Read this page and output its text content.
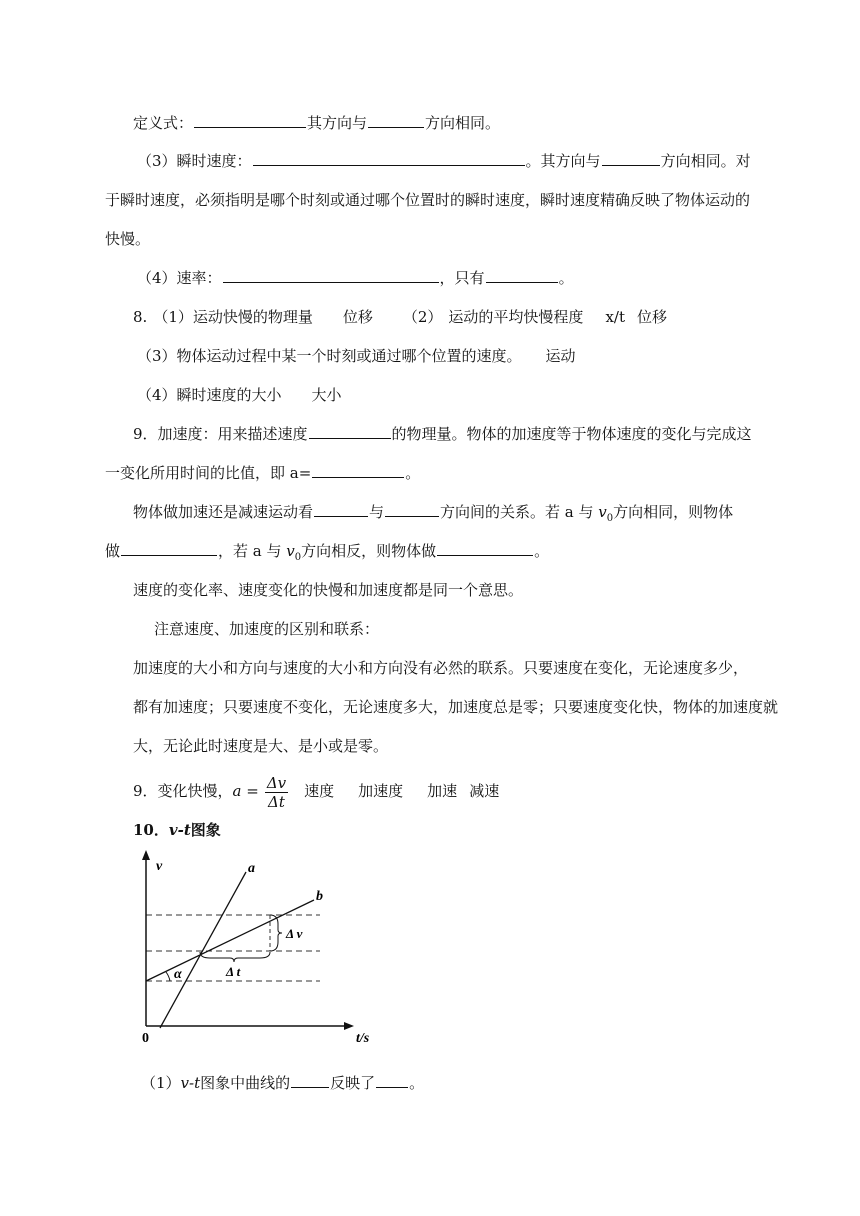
定义式：	其方向与	方向相同。
（3）瞬时速度：	。其方向与	方向相同。对
于瞬时速度，必须指明是哪个时刻或通过哪个位置时的瞬时速度，瞬时速度精确反映了物体运动的
快慢。
（4）速率：	，只有	。
8. （1）运动快慢的物理量 位移 （2） 运动的平均快慢程度 x/t 位移
（3）物体运动过程中某一个时刻或通过哪个位置的速度。 运动
（4）瞬时速度的大小 大小
9．加速度：用来描述速度	的物理量。物体的加速度等于物体速度的变化与完成这
一变化所用时间的比值，即 a=	。
物体做加速还是减速运动看	与	方向间的关系。若 a 与 $v_0$方向相同，则物体
做	，若 a 与 $v_0$方向相反，则物体做	。
速度的变化率、速度变化的快慢和加速度都是同一个意思。
注意速度、加速度的区别和联系：
加速度的大小和方向与速度的大小和方向没有必然的联系。只要速度在变化，无论速度多少，
都有加速度；只要速度不变化，无论速度多大，加速度总是零；只要速度变化快，物体的加速度就
大，无论此时速度是大、是小或是零。
9．变化快慢，$a = \frac{\Delta v}{\Delta t}$ 速度 加速度 加速 减速
10．v-t图象
v	a
b
Δ v
Δ t
α
0	t/s
（1）v-t图象中曲线的	反映了 。
